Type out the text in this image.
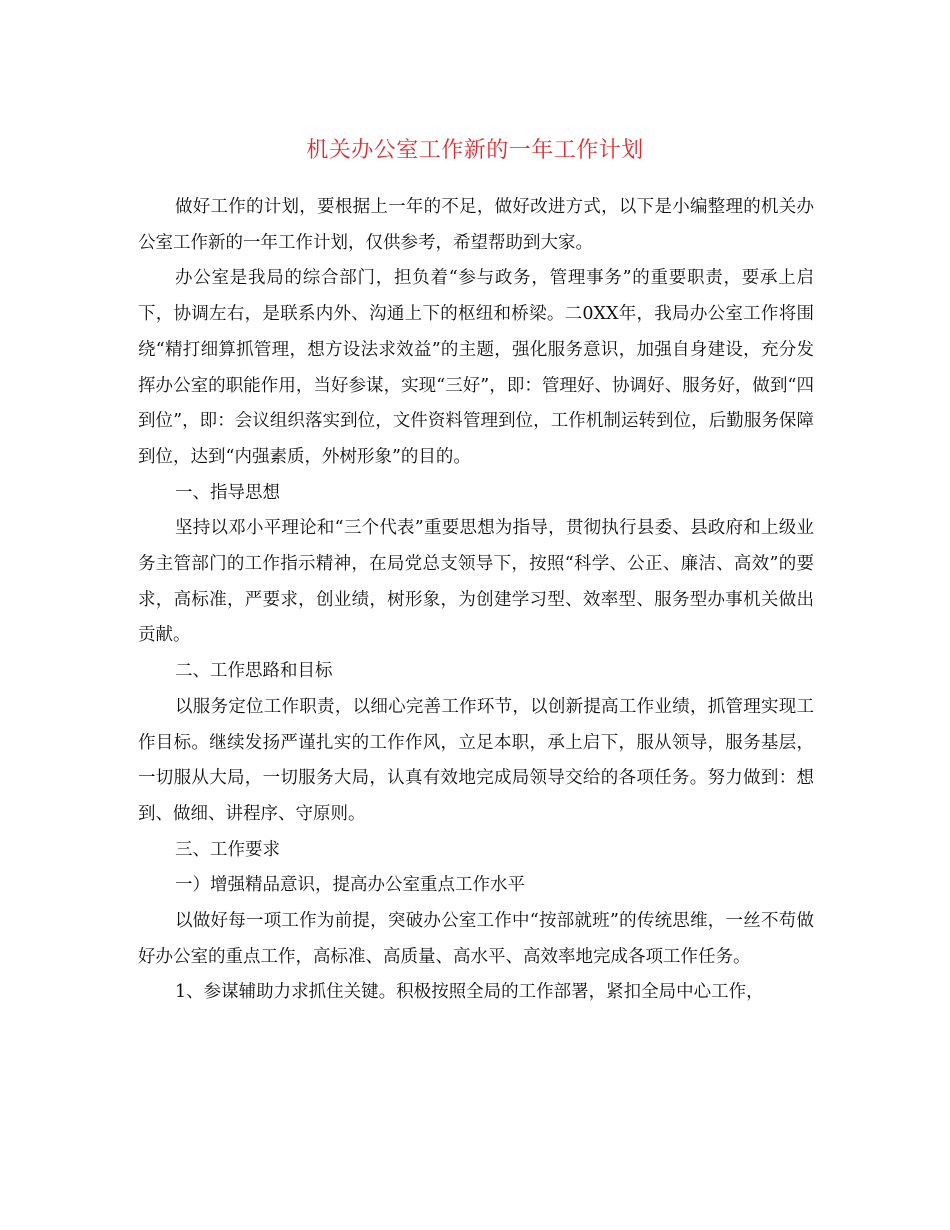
机关办公室工作新的一年工作计划

做好工作的计划，要根据上一年的不足，做好改进方式，以下是小编整理的机关办公室工作新的一年工作计划，仅供参考，希望帮助到大家。

办公室是我局的综合部门，担负着“参与政务，管理事务”的重要职责，要承上启下，协调左右，是联系内外、沟通上下的枢纽和桥梁。二0XX年，我局办公室工作将围绕“精打细算抓管理，想方设法求效益”的主题，强化服务意识，加强自身建设，充分发挥办公室的职能作用，当好参谋，实现“三好”，即：管理好、协调好、服务好，做到“四到位”，即：会议组织落实到位，文件资料管理到位，工作机制运转到位，后勤服务保障到位，达到“内强素质，外树形象”的目的。

一、指导思想

坚持以邓小平理论和“三个代表”重要思想为指导，贯彻执行县委、县政府和上级业务主管部门的工作指示精神，在局党总支领导下，按照“科学、公正、廉洁、高效”的要求，高标准，严要求，创业绩，树形象，为创建学习型、效率型、服务型办事机关做出贡献。

二、工作思路和目标

以服务定位工作职责，以细心完善工作环节，以创新提高工作业绩，抓管理实现工作目标。继续发扬严谨扎实的工作作风，立足本职，承上启下，服从领导，服务基层，一切服从大局，一切服务大局，认真有效地完成局领导交给的各项任务。努力做到：想到、做细、讲程序、守原则。

三、工作要求

一）增强精品意识，提高办公室重点工作水平

以做好每一项工作为前提，突破办公室工作中“按部就班”的传统思维，一丝不苟做好办公室的重点工作，高标准、高质量、高水平、高效率地完成各项工作任务。

1、参谋辅助力求抓住关键。积极按照全局的工作部署，紧扣全局中心工作，
